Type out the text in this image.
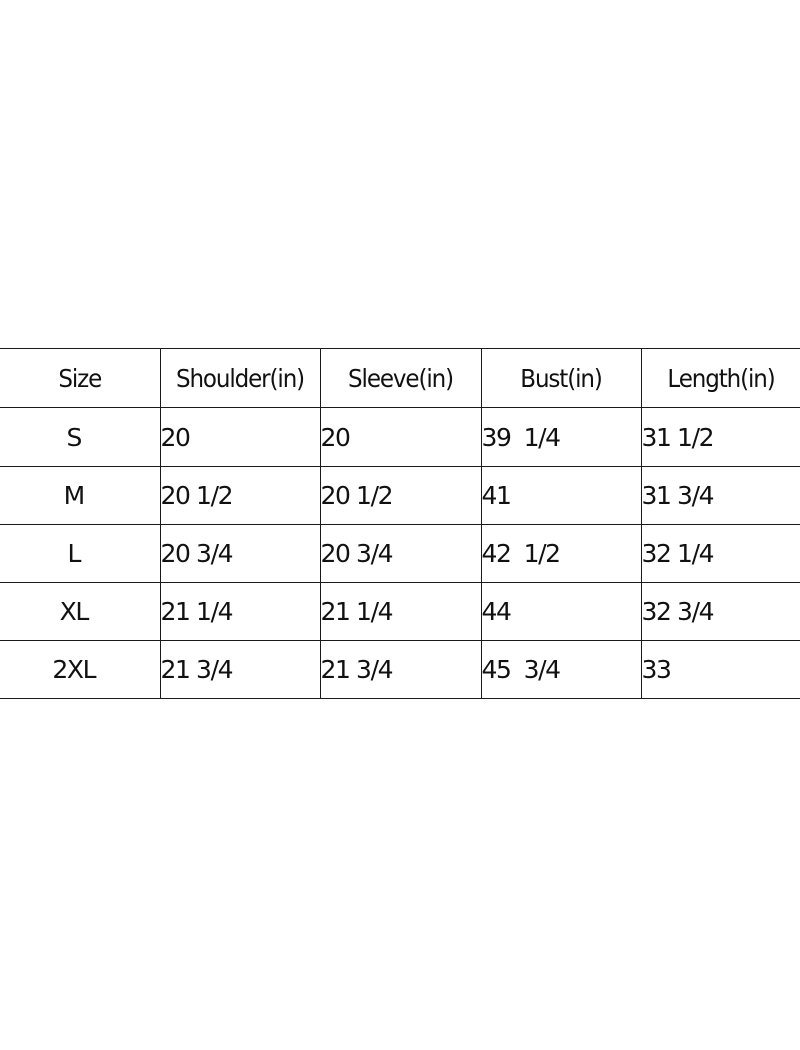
Size	Shoulder(in)	Sleeve(in)	Bust(in)	Length(in)
S	20	20	39  1/4	31 1/2
M	20 1/2	20 1/2	41	31 3/4
L	20 3/4	20 3/4	42  1/2	32 1/4
XL	21 1/4	21 1/4	44	32 3/4
2XL	21 3/4	21 3/4	45  3/4	33
